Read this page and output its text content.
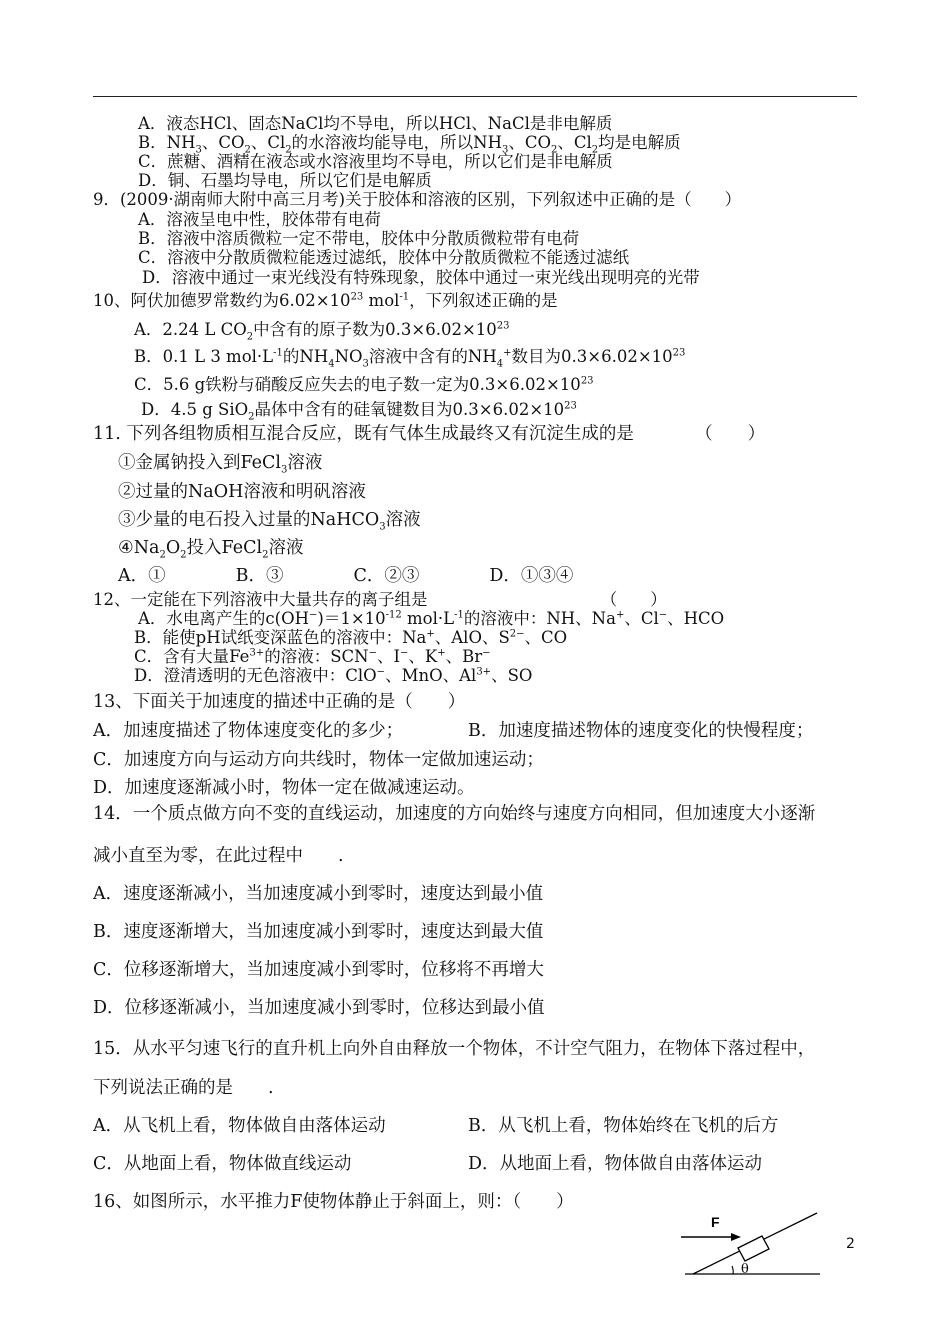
A．液态HCl、固态NaCl均不导电，所以HCl、NaCl是非电解质
B．$NH_3$、$CO_2$、$Cl_2$的水溶液均能导电，所以$NH_3$、$CO_2$、$Cl_2$均是电解质
C．蔗糖、酒精在液态或水溶液里均不导电，所以它们是非电解质
D．铜、石墨均导电，所以它们是电解质
9．(2009·湖南师大附中高三月考)关于胶体和溶液的区别，下列叙述中正确的是（　　）
A．溶液呈电中性，胶体带有电荷
B．溶液中溶质微粒一定不带电，胶体中分散质微粒带有电荷
C．溶液中分散质微粒能透过滤纸，胶体中分散质微粒不能透过滤纸
D．溶液中通过一束光线没有特殊现象，胶体中通过一束光线出现明亮的光带
10、阿伏加德罗常数约为$6.02\times 10^{23}$ mol$^{-1}$，下列叙述正确的是
A．2.24 L $CO_2$中含有的原子数为$0.3\times 6.02\times 10^{23}$
B．0.1 L 3 $mol\cdot L^{-1}$的$NH_4NO_3$溶液中含有的$NH_4^+$数目为$0.3\times 6.02\times 10^{23}$
C．5.6 g铁粉与硝酸反应失去的电子数一定为$0.3\times 6.02\times 10^{23}$
D．4.5 g SiO$_2$晶体中含有的硅氧键数目为$0.3\times 6.02\times 10^{23}$
11. 下列各组物质相互混合反应，既有气体生成最终又有沉淀生成的是　　　　（　　）
①金属钠投入到FeCl$_3$溶液
②过量的NaOH溶液和明矾溶液
③少量的电石投入过量的NaHCO$_3$溶液
$④Na_2O_2$投入FeCl$_2$溶液
A．①　　　　B．③　　　　C．②③　　　　D．①③④
12、一定能在下列溶液中大量共存的离子组是　　　　　　　　　　　（　　）
A．水电离产生的$c(OH^-)=1\times 10^{-12}$ $mol\cdot L^{-1}$的溶液中：NH、Na+、Cl−、HCO
B．能使pH试纸变深蓝色的溶液中：Na+、AlO、$S^{2-}$、CO
C．含有大量$Fe^{3+}$的溶液：SCN−、I−、K+、Br−
D．澄清透明的无色溶液中：ClO−、MnO、$Al^{3+}$、SO
13、下面关于加速度的描述中正确的是（　　）
A．加速度描述了物体速度变化的多少；	B．加速度描述物体的速度变化的快慢程度；
C．加速度方向与运动方向共线时，物体一定做加速运动；
D．加速度逐渐减小时，物体一定在做减速运动。
14．一个质点做方向不变的直线运动，加速度的方向始终与速度方向相同，但加速度大小逐渐
减小直至为零，在此过程中　　.
A．速度逐渐减小，当加速度减小到零时，速度达到最小值
B．速度逐渐增大，当加速度减小到零时，速度达到最大值
C．位移逐渐增大，当加速度减小到零时，位移将不再增大
D．位移逐渐减小，当加速度减小到零时，位移达到最小值
15．从水平匀速飞行的直升机上向外自由释放一个物体，不计空气阻力，在物体下落过程中，
下列说法正确的是　　.
A．从飞机上看，物体做自由落体运动	B．从飞机上看，物体始终在飞机的后方
C．从地面上看，物体做直线运动	D．从地面上看，物体做自由落体运动
16、如图所示，水平推力F使物体静止于斜面上，则：（　　）
F
θ
2
